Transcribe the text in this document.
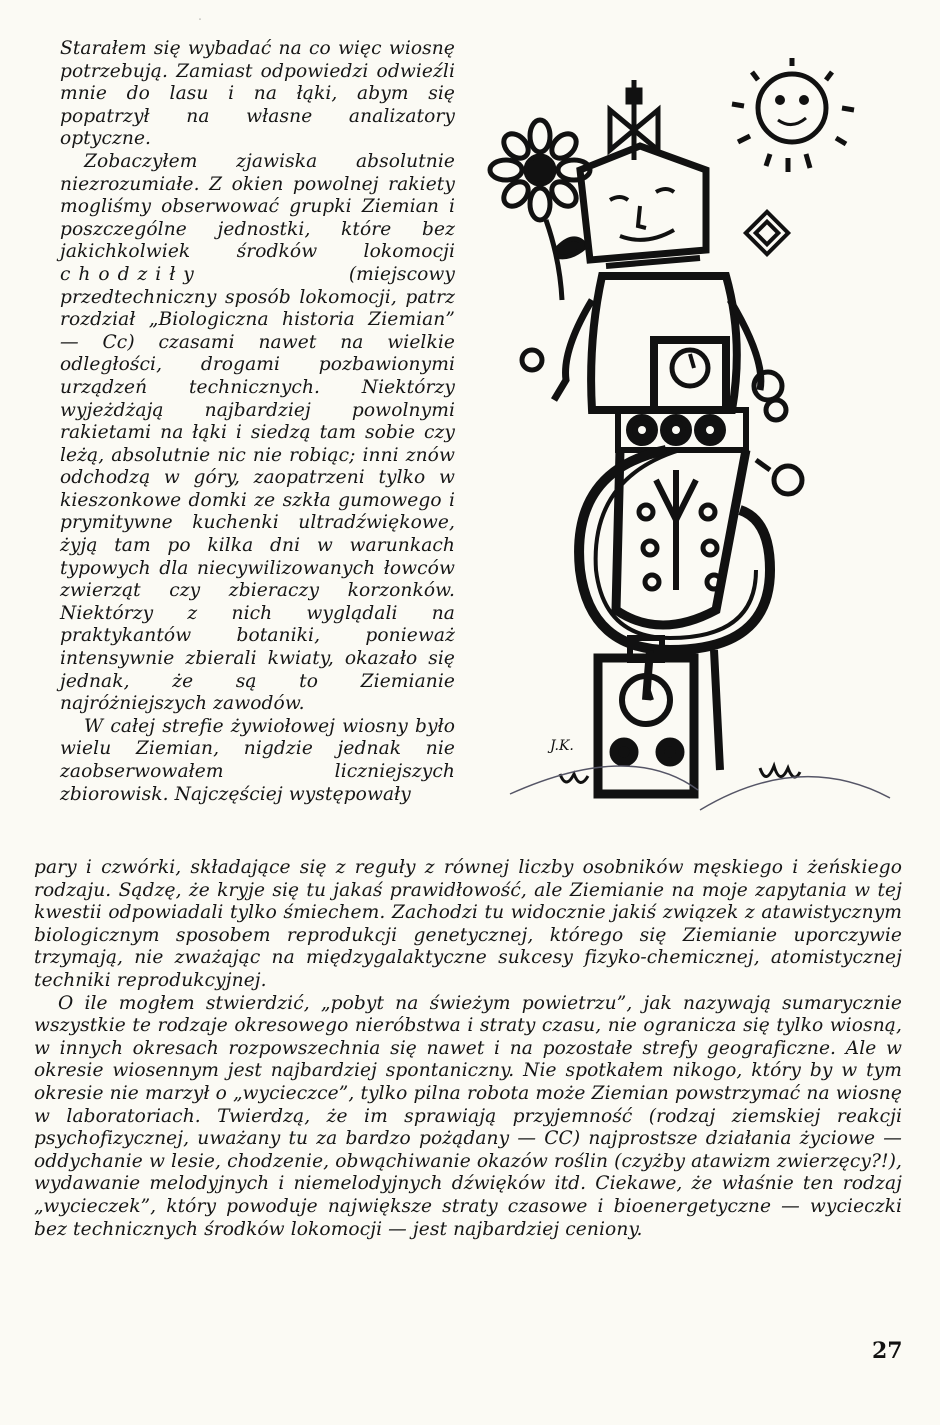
Starałem się wybadać na co więc wiosnę potrzebują. Zamiast odpowiedzi odwieźli mnie do lasu i na łąki, abym się popatrzył na własne analizatory optyczne.

Zobaczyłem zjawiska absolutnie niezrozumiałe. Z okien powolnej rakiety mogliśmy obserwować grupki Ziemian i poszczególne jednostki, które bez jakichkolwiek środków lokomocji chodziły	(miejscowy przedtechniczny sposób lokomocji, patrz rozdział „Biologiczna historia Ziemian” — Cc) czasami nawet na wielkie odległości, drogami pozbawionymi urządzeń technicznych. Niektórzy wyjeżdżają najbardziej powolnymi rakietami na łąki i siedzą tam sobie czy leżą, absolutnie nic nie robiąc; inni znów odchodzą w góry, zaopatrzeni tylko w kieszonkowe domki ze szkła gumowego i prymitywne kuchenki ultradźwiękowe, żyją tam po kilka dni w warunkach typowych dla niecywilizowanych łowców zwierząt czy zbieraczy korzonków. Niektórzy z nich wyglądali na praktykantów botaniki, ponieważ intensywnie zbierali kwiaty, okazało się jednak, że są to Ziemianie najróżniejszych zawodów.

W całej strefie żywiołowej wiosny było wielu Ziemian, nigdzie jednak nie zaobserwowałem liczniejszych zbiorowisk. Najczęściej występowały

J.K.

pary i czwórki, składające się z reguły z równej liczby osobników męskiego i żeńskiego rodzaju. Sądzę, że kryje się tu jakaś prawidłowość, ale Ziemianie na moje zapytania w tej kwestii odpowiadali tylko śmiechem. Zachodzi tu widocznie jakiś związek z atawistycznym biologicznym sposobem reprodukcji genetycznej, którego się Ziemianie uporczywie trzymają, nie zważając na międzygalaktyczne sukcesy fizyko-chemicznej, atomistycznej techniki reprodukcyjnej.

O ile mogłem stwierdzić, „pobyt na świeżym powietrzu”, jak nazywają sumarycznie wszystkie te rodzaje okresowego nieróbstwa i straty czasu, nie ogranicza się tylko wiosną, w innych okresach rozpowszechnia się nawet i na pozostałe strefy geograficzne. Ale w okresie wiosennym jest najbardziej spontaniczny. Nie spotkałem nikogo, który by w tym okresie nie marzył o „wycieczce”, tylko pilna robota może Ziemian powstrzymać na wiosnę w laboratoriach. Twierdzą, że im sprawiają przyjemność (rodzaj ziemskiej reakcji psychofizycznej, uważany tu za bardzo pożądany — CC) najprostsze działania życiowe — oddychanie w lesie, chodzenie, obwąchiwanie okazów roślin (czyżby atawizm zwierzęcy?!), wydawanie melodyjnych i niemelodyjnych dźwięków itd. Ciekawe, że właśnie ten rodzaj „wycieczek”, który powoduje największe straty czasowe i bioenergetyczne — wycieczki bez technicznych środków lokomocji — jest najbardziej ceniony.

27
